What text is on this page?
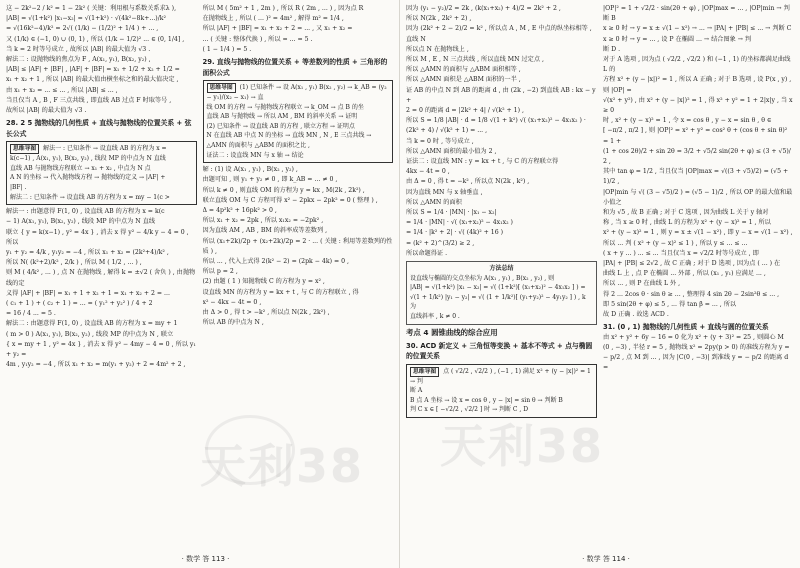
这 − 2k²−2 / k² = 1 − 2k² ( 关键：利用根与系数关系求λ ),

|AB| = √(1+k²) |x₁−x₂| = √(1+k²) · √(4k²−8k+...)/k²

= √(16k²−4)/k² = 2√( (1/k) − (1/2)² + 1/4 ) + ... ,

又 (1/k) ∈ (−1, 0) ∪ (0, 1) , 所以 (1/k − 1/2)² ... ∈ (0, 1/4] ,

当 k = 2 时等号成立 , 故所以 |AB| 的最大值为 √3 .

解法二 : 设抛物线的焦点为 F , A(x₁, y₁), B(x₂, y₂) ,

|AB| ≤ |AF| + |BF| , |AF| + |BF| = x₁ + 1/2 + x₂ + 1/2 =

x₁ + x₂ + 1 , 所以 |AB| 的最大值由横坐标之和的最大值决定 ,

由 x₁ + x₂ = ... ≤ ... , 所以 |AB| ≤ ... ,

当且仅当 A , B , F 三点共线 , 即直线 AB 过点 F 时取等号 ,

故所以 |AB| 的最大值为 √3 .

28. 2 5 抛物线的几何性质 + 直线与抛物线的位置关系 + 弦长公式
思维导图 解法一 : 已知条件 → 设直线 AB 的方程为 x =
k(c−1) , A(x₁, y₁), B(x₂, y₂) , 线段 MP 的中点为 N 直线
直线 AB 与抛物线方程联立 → x₁ + x₂ , 中点为 N 点
A N 的坐标 → 代入抛物线方程 → 抛物线的定义 → |AF| +
|BF| .
解法二 : 已知条件 → 设直线 AB 的方程为 x = my − 1(c >

解法一 : 由题意得 F(1, 0) , 设直线 AB 的方程为 x = k(c

− 1) A(x₁, y₁), B(x₂, y₂) , 线段 MP 的中点为 N 直线

联立 { y = k(x−1) , y² = 4x } , 消去 x 得 y² − 4/k y − 4 = 0 , 所以

y₁ + y₂ = 4/k , y₁y₂ = −4 , 所以 x₁ + x₂ = (2k²+4)/k² ,

所以 N( (k²+2)/k² , 2/k ) , 所以 M ( 1/2 , ... ) ,

则 M ( 4/k² , ... ) , 点 N 在抛物线 , 解得 k = ±√2 ( 舍负 ) , 由抛物线的定

义得 |AF| + |BF| = x₁ + 1 + x₂ + 1 = x₁ + x₂ + 2 = ...

( c₁ + 1 ) + ( c₂ + 1 ) = ... = ( y₁² + y₂² ) / 4 + 2

= 16 / 4 ... = 5 .

解法二 : 由题意得 F(1, 0) , 设直线 AB 的方程为 x = my + 1

( m > 0 ) A(x₁, y₁), B(x₂, y₂) , 线段 MP 的中点为 N , 联立

{ x = my + 1 , y² = 4x } , 消去 x 得 y² − 4my − 4 = 0 , 所以 y₁ + y₂ =

4m , y₁y₂ = −4 , 所以 x₁ + x₂ = m(y₁ + y₂) + 2 = 4m² + 2 ,

所以 M ( 5m² + 1 , 2m ) , 所以 R ( 2m , ... ) , 因为点 R

在抛物线上 , 所以 ( ... )² = 4m² , 解得 m² = 1/4 ,

所以 |AF| + |BF| = x₁ + x₂ + 2 = ... , 又 x₁ + x₂ =

... ( 关键 : 整体代换 ) , 所以 = ... = 5 .

( 1 − 1/4 ) = 5 .

29. 直线与抛物线的位置关系 + 等差数列的性质 + 三角形的面积公式
思维导图 (1) 已知条件 → 设 A(x₁ , y₁) B(x₂ , y₂) → k_AB = (y₂ − y₁)/(x₂ − x₁) → 直
线 OM 的方程 → 与抛物线方程联立 → k_OM → 点 B 的坐
直线 AB 与抛物线 → 所以 AM , BM 的斜率关系 → 证明
(2) 已知条件 → 设直线 AB 的方程 , 联立方程 → 证明点
N 在直线 AB 中点 N 的坐标 → 直线 MN , N , E 三点共线 →
△AMN 的面积与 △ABM 的面积之比 ,
证法二 : 设直线 MN 与 x 轴 → 结论

解 : (1) 设 A(x₁ , y₁) , B(x₂ , y₂) ,

由题可知 , 则 y₁ + y₂ ≠ 0 , 即 k_AB = ... ≠ 0 ,

所以 k ≠ 0 , 则直线 OM 的方程为 y = kx , M(2k , 2k²) ,

联立直线 OM 与 C 方程可得 x² − 2pkx − 2pk² = 0 ( 整理 ) ,

Δ = 4p²k² + 16pk² > 0 ,

所以 x₁ + x₂ = 2pk , 所以 x₁x₂ = −2pk² ,

因为直线 AM , AB , BM 的斜率成等差数列 ,

所以 (x₁+2k)/2p + (x₂+2k)/2p = 2 · ... ( 关键 : 利用等差数列的性质 ) ,

所以 ... , 代入上式得 2(k² − 2) = (2pk − 4k) = 0 ,

所以 p = 2 ,

(2) 由题 ( 1 ) 知抛物线 C 的方程为 y = x² ,

设直线 MN 的方程为 y = kx + t , 与 C 的方程联立 , 得

x² − 4kx − 4t = 0 ,

由 Δ > 0 , 得 t > −k² , 所以点 N(2k , 2k²) ,

所以 AB 的中点为 N ,

· 数学 答 113 ·

因为 (y₁ − y₂)/2 = 2k , (k(x₁+x₂) + 4)/2 = 2k² + 2 ,

所以 N(2k , 2k² + 2) ,

因为 (2k² + 2 − 2)/2 = k² , 所以点 A , M , E 中点的纵坐标相等 , 直线 N

所以点 N 在抛物线上 ,

所以 M , E , N 三点共线 , 所以直线 MN 过定点 ,

所以 △AMN 的面积与 △ABM 面积相等 ,

所以 △AMN 面积是 △ABM 面积的一半 ,

证 AB 的中点 N 到 AB 的距离 d , 由 (2k , −2) 到直线 AB : kx − y +

2 = 0 的距离 d = |2k² + 4| / √(k² + 1) ,

所以 S = 1/8 |AB| · d = 1/8 √(1 + k²) √( (x₁+x₂)² − 4x₁x₂ ) ·

(2k² + 4) / √(k² + 1) = ... ,

当 k = 0 时 , 等号成立 ,

所以 △AMN 面积的最小值为 2 ,

证法二 : 设直线 MN : y = kx + t , 与 C 的方程联立得

4kx − 4t = 0 ,

由 Δ = 0 , 得 t = −k² , 所以点 N(2k , k²) ,

因为直线 MN 与 x 轴垂直 ,

所以 △AMN 的面积

所以 S = 1/4 · |MN| · |x₁ − x₂|

= 1/4 · |MN| · √( (x₁+x₂)² − 4x₁x₂ )

= 1/4 · |k² + 2| · √( (4k)² + 16 )

= (k² + 2)^(3/2) ≥ 2 ,

所以命题得证 .

方法总结

设直线与椭圆的交点坐标为 A(x₁ , y₁) , B(x₂ , y₂) , 则

|AB| = √(1+k²) |x₁ − x₂| = √( (1+k²)[ (x₁+x₂)² − 4x₁x₂ ] ) =

√(1 + 1/k²) |y₁ − y₂| = √( (1 + 1/k²)[ (y₁+y₂)² − 4y₁y₂ ] ) , k 为

直线斜率 , k ≠ 0 .

考点 4 圆锥曲线的综合应用
30. ACD 新定义 + 三角恒等变换 + 基本不等式 + 点与椭圆的位置关系
思维导图 点 ( √2/2 , √2/2 ) , (−1 , 1) 满足 x² + (y − |x|)² = 1 → 判
断 A
B 点 A 坐标 → 设 x = cos θ , y − |x| = sin θ → 判断 B
判 C x ∈ [ −√2/2 , √2/2 ] 时 → 判断 C , D

|OP|² = 1 + √2/2 · sin(2θ + φ) , |OP|max = ... , |OP|min → 判断 B

x ≥ 0 时 → y = x ± √(1 − x²) → ... → |PA| + |PB| ≤ ... → 判断 C

x ≥ 0 时 → y = ... , 设 P 在椭圆 ... → 结合图象 → 判

断 D .

对于 A 选项 , 因为点 ( √2/2 , √2/2 ) 和 (−1 , 1) 的坐标都满足曲线 L 的

方程 x² + (y − |x|)² = 1 , 所以 A 正确 ; 对于 B 选项 , 设 P(x , y) , 则 |OP| =

√(x² + y²) , 由 x² + (y − |x|)² = 1 , 得 x² + y² = 1 + 2|x|y , 当 x ≥ 0

时 , x² + (y − x)² = 1 , 令 x = cos θ , y − x = sin θ , θ ∈

[ −π/2 , π/2 ] , 则 |OP|² = x² + y² = cos² θ + (cos θ + sin θ)² = 1 +

(1 + cos 2θ)/2 + sin 2θ = 3/2 + √5/2 sin(2θ + φ) ≤ (3 + √5)/2 ,

其中 tan φ = 1/2 , 当且仅当 |OP|max = √((3 + √5)/2) = (√5 + 1)/2 ,

|OP|min 与 √( (3 − √5)/2 ) = (√5 − 1)/2 , 所以 OP 的最大值和最小值之

和为 √5 , 故 B 正确 ; 对于 C 选项 , 因为曲线 L 关于 y 轴对

称 , 当 x ≥ 0 时 , 曲线 L 的方程为 x² + (y − x)² = 1 , 所以

x² + (y − x)² = 1 , 则 y = x ± √(1 − x²) , 即 y − x = √(1 − x²) ,

所以 ... 判 ( x² + (y − x)² ≤ 1 ) , 所以 y ≤ ... ≤ ...

( x + y ... ) ... ≤ ... 当且仅当 x = √2/2 时等号成立 , 即

|PA| + |PB| ≤ 2√2 , 故 C 正确 ; 对于 D 选项 , 因为点 ( ... ) 在

曲线 L 上 , 点 P 在椭圆 ... 外部 , 所以 (x₁ , y₁) 应满足 ... ,

所以 ... , 则 P 在曲线 L 外 ,

得 2 ... 2cos θ · sin θ ≥ ... , 整理得 4 sin 2θ − 2sin²θ ≤ ... ,

即 5 sin(2θ + φ) ≤ 5 , ... 得 tan β = ... , 所以

故 D 正确 . 故选 ACD .

31. (0 , 1) 抛物线的几何性质 + 直线与圆的位置关系

由 x² + y² + 6y − 16 = 0 化为 x² + (y + 3)² = 25 , 则圆心 M

(0 , −3) , 半径 r = 5 , 抛物线 x² = 2py(p > 0) 的准线方程为 y =

− p/2 , 点 M 到 ... , 因为 |C(0 , −3)| 到准线 y = − p/2 的距离 d =

· 数学 答 114 ·
天利38 天利38
